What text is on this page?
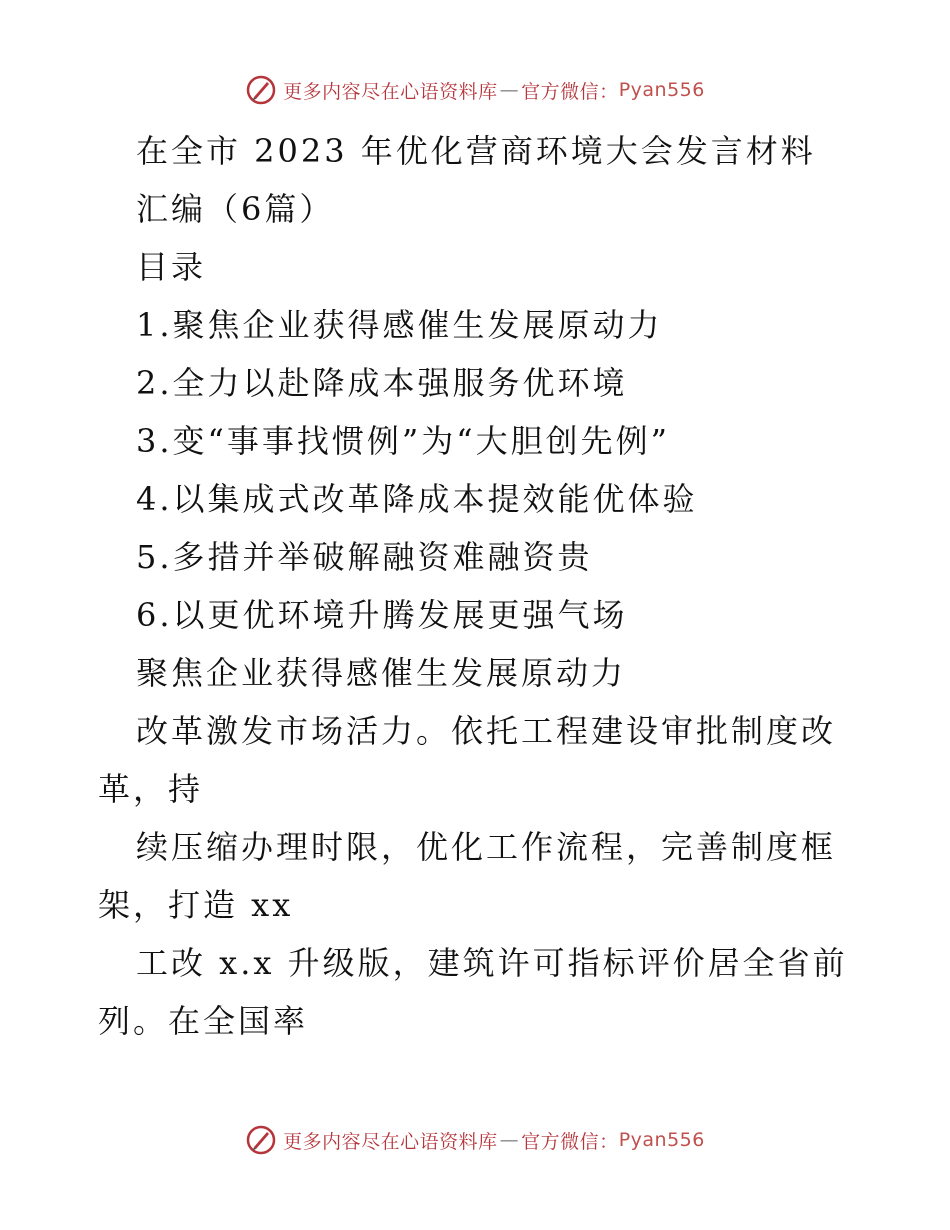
更多内容尽在心语资料库 — 官方微信： Pyan556

在全市 2023 年优化营商环境大会发言材料

汇编（6篇）

目录

1.聚焦企业获得感催生发展原动力

2.全力以赴降成本强服务优环境

3.变“事事找惯例”为“大胆创先例”

4.以集成式改革降成本提效能优体验

5.多措并举破解融资难融资贵

6.以更优环境升腾发展更强气场

聚焦企业获得感催生发展原动力

改革激发市场活力。依托工程建设审批制度改

革，持

续压缩办理时限，优化工作流程，完善制度框

架，打造 xx

工改 x.x 升级版，建筑许可指标评价居全省前

列。在全国率

更多内容尽在心语资料库 — 官方微信： Pyan556
